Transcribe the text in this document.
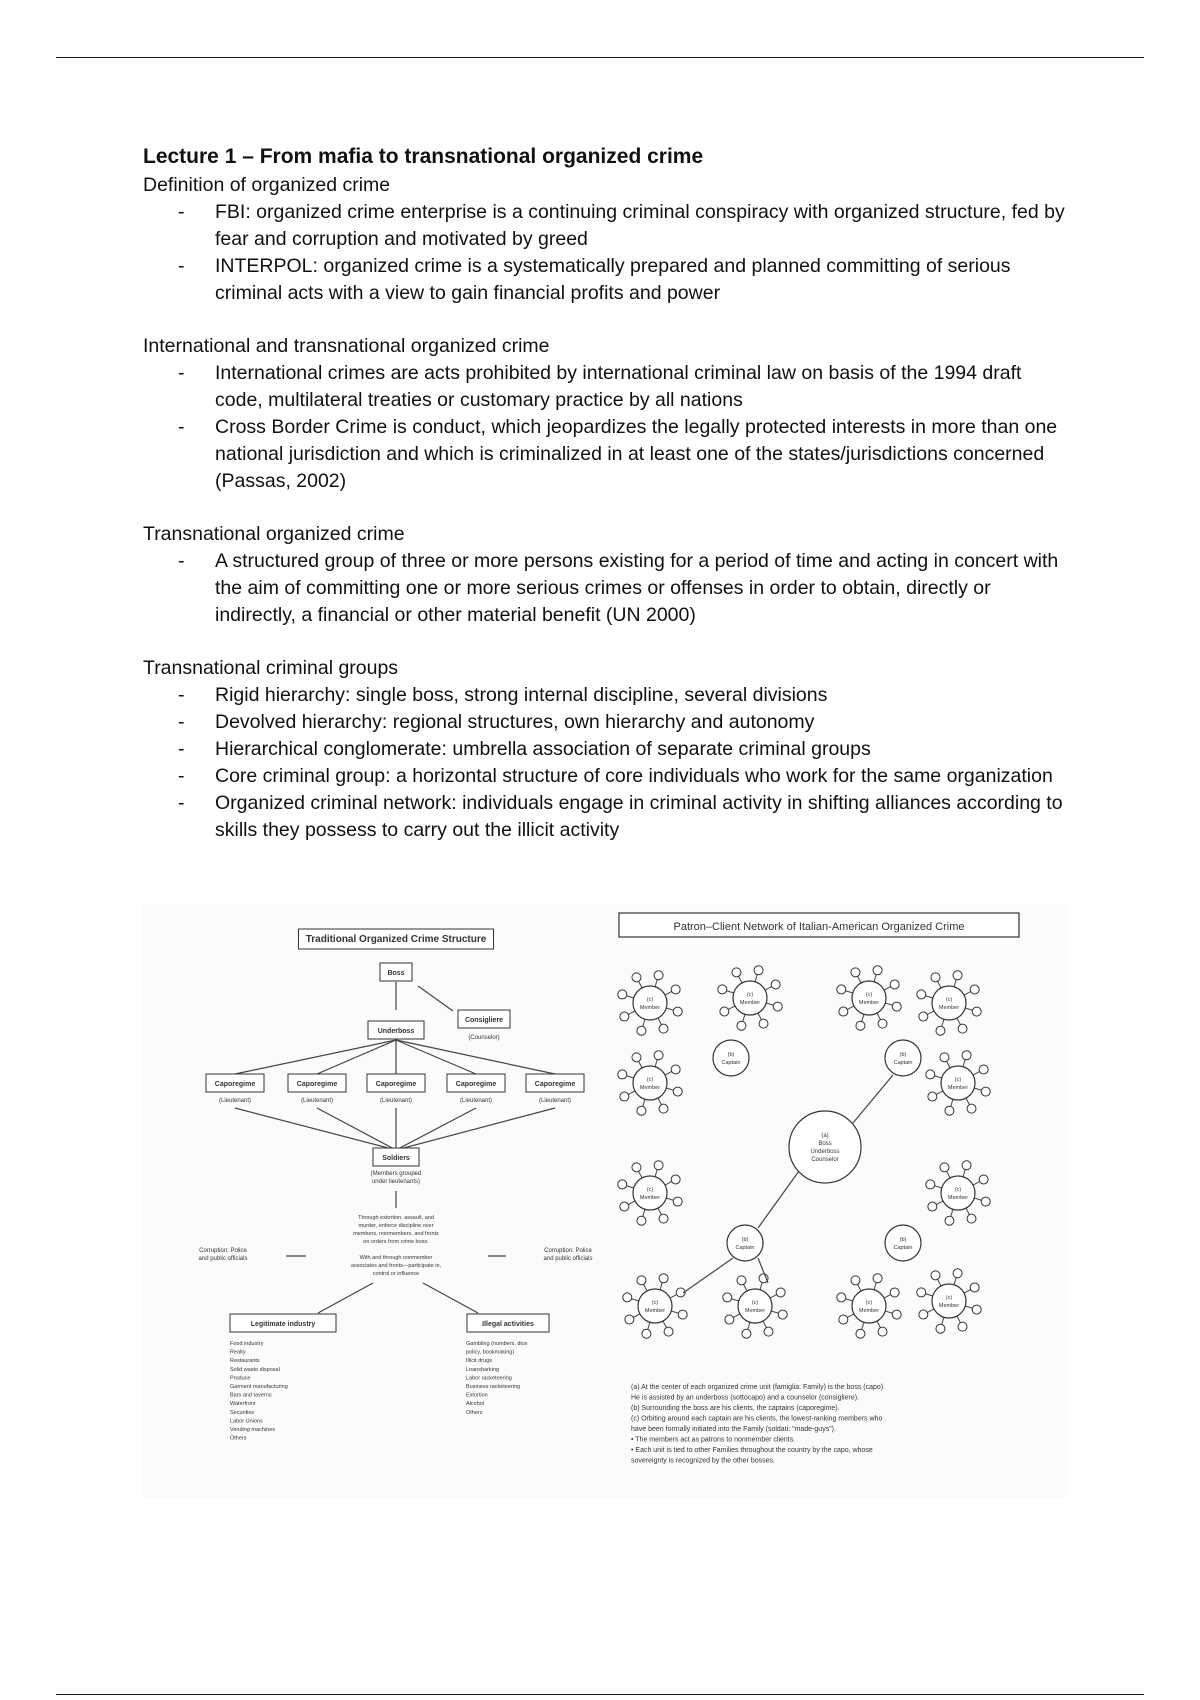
Lecture 1 – From mafia to transnational organized crime
Definition of organized crime
- FBI: organized crime enterprise is a continuing criminal conspiracy with organized structure, fed by fear and corruption and motivated by greed
- INTERPOL: organized crime is a systematically prepared and planned committing of serious criminal acts with a view to gain financial profits and power
International and transnational organized crime
- International crimes are acts prohibited by international criminal law on basis of the 1994 draft code, multilateral treaties or customary practice by all nations
- Cross Border Crime is conduct, which jeopardizes the legally protected interests in more than one national jurisdiction and which is criminalized in at least one of the states/jurisdictions concerned (Passas, 2002)
Transnational organized crime
- A structured group of three or more persons existing for a period of time and acting in concert with the aim of committing one or more serious crimes or offenses in order to obtain, directly or indirectly, a financial or other material benefit (UN 2000)
Transnational criminal groups
- Rigid hierarchy: single boss, strong internal discipline, several divisions
- Devolved hierarchy: regional structures, own hierarchy and autonomy
- Hierarchical conglomerate: umbrella association of separate criminal groups
- Core criminal group: a horizontal structure of core individuals who work for the same organization
- Organized criminal network: individuals engage in criminal activity in shifting alliances according to skills they possess to carry out the illicit activity
Traditional Organized Crime Structure
Boss
Consigliere
(Counselor)
Underboss
Caporegime
(Lieutenant)
Caporegime
(Lieutenant)
Caporegime
(Lieutenant)
Caporegime
(Lieutenant)
Caporegime
(Lieutenant)
Soldiers
(Members grouped
under lieutenants)
Through extortion, assault, and
murder, enforce discipline over
members, nonmembers, and frontz
on orders from crime boss.
With and through nonmember
associates and fronts—participate in,
control or influence
Corruption: Police
and public officials
Corruption: Police
and public officials
Legitimate industry	Illegal activities
Food industry
Realty
Restaurants
Solid waste disposal
Produce
Garment manufacturing
Bars and taverns
Waterfront
Securities
Labor Unions
Vending machines
Others
Gambling (numbers, dice
policy, bookmaking)
Illicit drugs
Loansharking
Labor racketeering
Business racketeering
Extortion
Alcohol
Others
Patron–Client Network of Italian-American Organized Crime
(a)
Boss
Underboss
Counselor
(b)
Captain
(b)
Captain
(b)
Captain
(b)
Captain
(c)
Member
(c)
Member
(c)
Member	(c)
Member
(c)
Member
(c)
Member
(c)
Member
(c)
Member
(c)
Member
(c)
Member
(c)
Member
(c)
Member
(a) At the center of each organized crime unit (famiglia: Family) is the boss (capo).
He is assisted by an underboss (sottocapo) and a counselor (consigliere).
(b) Surrounding the boss are his clients, the captains (caporegime).
(c) Orbiting around each captain are his clients, the lowest-ranking members who
have been formally initiated into the Family (soldati: "made-guys").
• The members act as patrons to nonmember clients.
• Each unit is tied to other Families throughout the country by the capo, whose
sovereignty is recognized by the other bosses.
